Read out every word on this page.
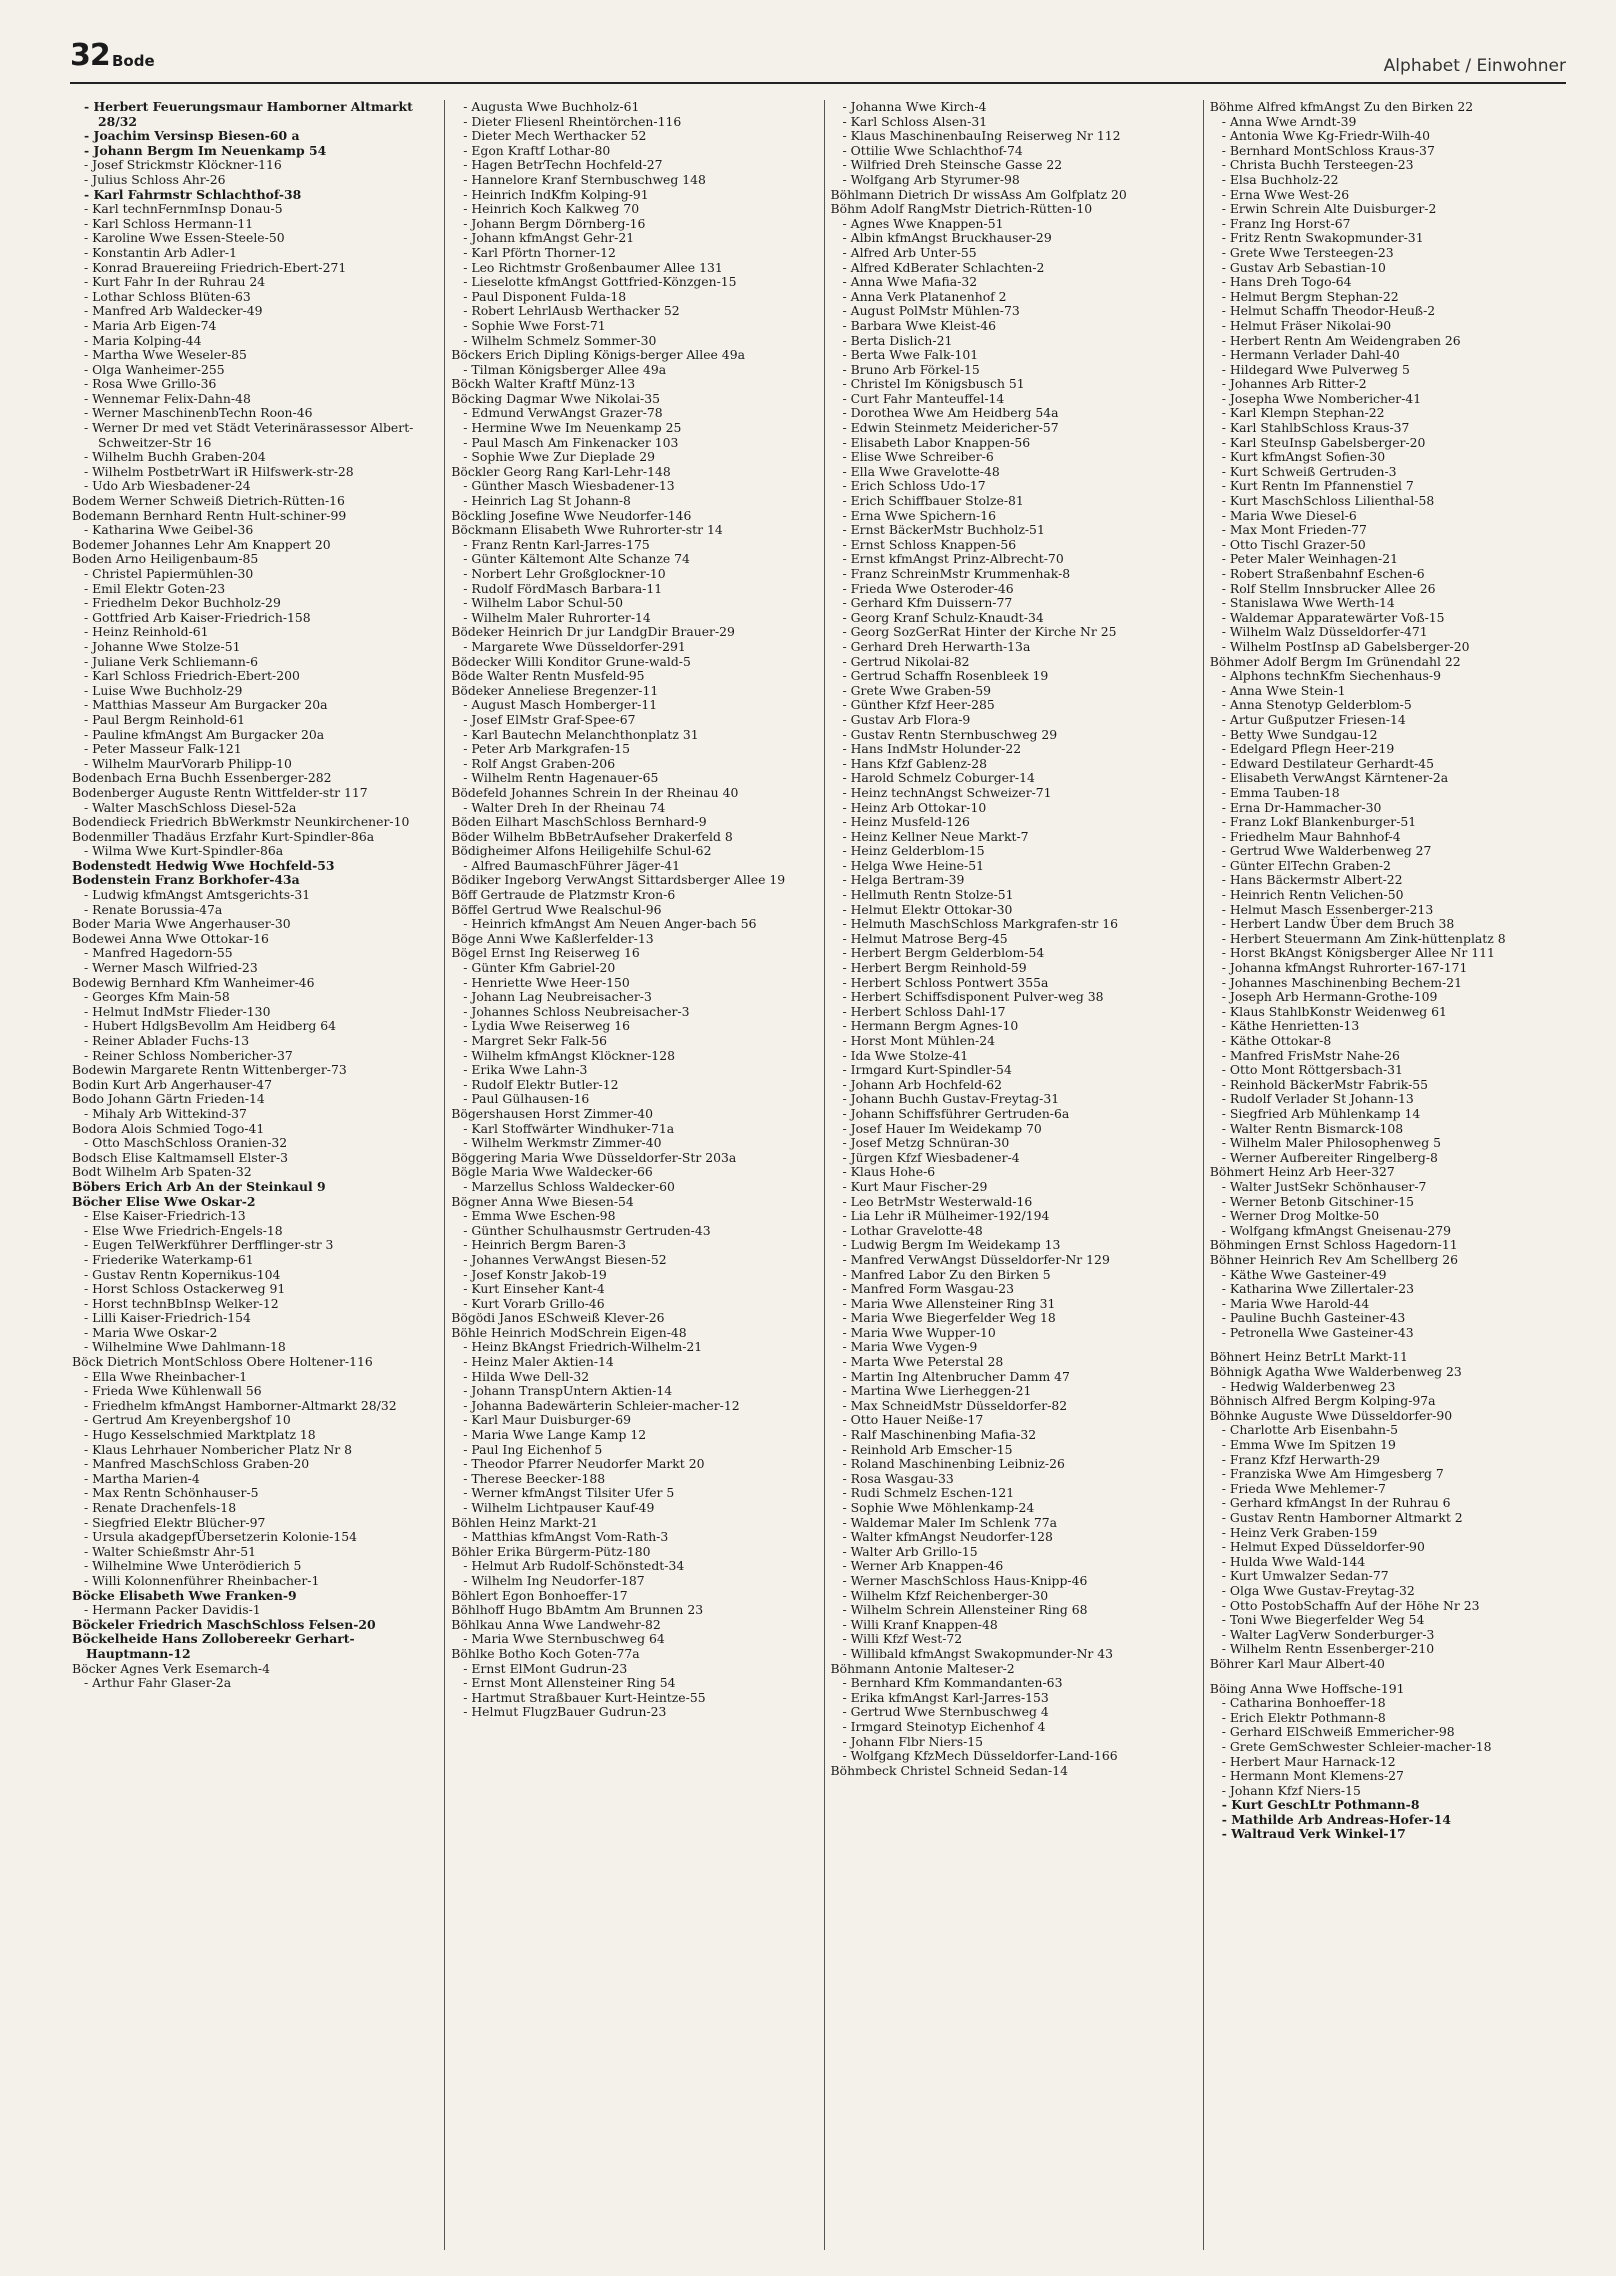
32 Bode	Alphabet / Einwohner
- Herbert Feuerungsmaur Hamborner Altmarkt 28/32
- Joachim Versinsp Biesen-60 a
- Johann Bergm Im Neuenkamp 54
- Josef Strickmstr Klöckner-116
- Julius Schloss Ahr-26
- Karl Fahrmstr Schlachthof-38
- Karl technFernmInsp Donau-5
- Karl Schloss Hermann-11
- Karoline Wwe Essen-Steele-50
- Konstantin Arb Adler-1
- Konrad Brauereiing Friedrich-Ebert-271
- Kurt Fahr In der Ruhrau 24
- Lothar Schloss Blüten-63
- Manfred Arb Waldecker-49
- Maria Arb Eigen-74
- Maria Kolping-44
- Martha Wwe Weseler-85
- Olga Wanheimer-255
- Rosa Wwe Grillo-36
- Wennemar Felix-Dahn-48
- Werner MaschinenbTechn Roon-46
- Werner Dr med vet Städt Veterinärassessor Albert-Schweitzer-Str 16
- Wilhelm Buchh Graben-204
- Wilhelm PostbetrWart iR Hilfswerk-str-28
- Udo Arb Wiesbadener-24
Bodem Werner Schweiß Dietrich-Rütten-16
Bodemann Bernhard Rentn Hult-schiner-99
- Katharina Wwe Geibel-36
Bodemer Johannes Lehr Am Knappert 20
Boden Arno Heiligenbaum-85
- Christel Papiermühlen-30
- Emil Elektr Goten-23
- Friedhelm Dekor Buchholz-29
- Gottfried Arb Kaiser-Friedrich-158
- Heinz Reinhold-61
- Johanne Wwe Stolze-51
- Juliane Verk Schliemann-6
- Karl Schloss Friedrich-Ebert-200
- Luise Wwe Buchholz-29
- Matthias Masseur Am Burgacker 20a
- Paul Bergm Reinhold-61
- Pauline kfmAngst Am Burgacker 20a
- Peter Masseur Falk-121
- Wilhelm MaurVorarb Philipp-10
Bodenbach Erna Buchh Essenberger-282
Bodenberger Auguste Rentn Wittfelder-str 117
- Walter MaschSchloss Diesel-52a
Bodendieck Friedrich BbWerkmstr Neunkirchener-10
Bodenmiller Thadäus Erzfahr Kurt-Spindler-86a
- Wilma Wwe Kurt-Spindler-86a
Bodenstedt Hedwig Wwe Hochfeld-53
Bodenstein Franz Borkhofer-43a
- Ludwig kfmAngst Amtsgerichts-31
- Renate Borussia-47a
Boder Maria Wwe Angerhauser-30
Bodewei Anna Wwe Ottokar-16
- Manfred Hagedorn-55
- Werner Masch Wilfried-23
Bodewig Bernhard Kfm Wanheimer-46
- Georges Kfm Main-58
- Helmut IndMstr Flieder-130
- Hubert HdlgsBevollm Am Heidberg 64
- Reiner Ablader Fuchs-13
- Reiner Schloss Nombericher-37
Bodewin Margarete Rentn Wittenberger-73
Bodin Kurt Arb Angerhauser-47
Bodo Johann Gärtn Frieden-14
- Mihaly Arb Wittekind-37
Bodora Alois Schmied Togo-41
- Otto MaschSchloss Oranien-32
Bodsch Elise Kaltmamsell Elster-3
Bodt Wilhelm Arb Spaten-32
Böbers Erich Arb An der Steinkaul 9
Böcher Elise Wwe Oskar-2
- Else Kaiser-Friedrich-13
- Else Wwe Friedrich-Engels-18
- Eugen TelWerkführer Derfflinger-str 3
- Friederike Waterkamp-61
- Gustav Rentn Kopernikus-104
- Horst Schloss Ostackerweg 91
- Horst technBbInsp Welker-12
- Lilli Kaiser-Friedrich-154
- Maria Wwe Oskar-2
- Wilhelmine Wwe Dahlmann-18
Böck Dietrich MontSchloss Obere Holtener-116
- Ella Wwe Rheinbacher-1
- Frieda Wwe Kühlenwall 56
- Friedhelm kfmAngst Hamborner-Altmarkt 28/32
- Gertrud Am Kreyenbergshof 10
- Hugo Kesselschmied Marktplatz 18
- Klaus Lehrhauer Nombericher Platz Nr 8
- Manfred MaschSchloss Graben-20
- Martha Marien-4
- Max Rentn Schönhauser-5
- Renate Drachenfels-18
- Siegfried Elektr Blücher-97
- Ursula akadgepfÜbersetzerin Kolonie-154
- Walter Schießmstr Ahr-51
- Wilhelmine Wwe Unterödierich 5
- Willi Kolonnenführer Rheinbacher-1
Böcke Elisabeth Wwe Franken-9
- Hermann Packer Davidis-1
Böckeler Friedrich MaschSchloss Felsen-20
Böckelheide Hans Zollobereekr Gerhart-Hauptmann-12
Böcker Agnes Verk Esemarch-4
- Arthur Fahr Glaser-2a
- Augusta Wwe Buchholz-61
- Dieter Fliesenl Rheintörchen-116
- Dieter Mech Werthacker 52
- Egon Kraftf Lothar-80
- Hagen BetrTechn Hochfeld-27
- Hannelore Kranf Sternbuschweg 148
- Heinrich IndKfm Kolping-91
- Heinrich Koch Kalkweg 70
- Johann Bergm Dörnberg-16
- Johann kfmAngst Gehr-21
- Karl Pförtn Thorner-12
- Leo Richtmstr Großenbaumer Allee 131
- Lieselotte kfmAngst Gottfried-Könzgen-15
- Paul Disponent Fulda-18
- Robert LehrlAusb Werthacker 52
- Sophie Wwe Forst-71
- Wilhelm Schmelz Sommer-30
Böckers Erich Dipling Königs-berger Allee 49a
- Tilman Königsberger Allee 49a
Böckh Walter Kraftf Münz-13
Böcking Dagmar Wwe Nikolai-35
- Edmund VerwAngst Grazer-78
- Hermine Wwe Im Neuenkamp 25
- Paul Masch Am Finkenacker 103
- Sophie Wwe Zur Dieplade 29
Böckler Georg Rang Karl-Lehr-148
- Günther Masch Wiesbadener-13
- Heinrich Lag St Johann-8
Böckling Josefine Wwe Neudorfer-146
Böckmann Elisabeth Wwe Ruhrorter-str 14
- Franz Rentn Karl-Jarres-175
- Günter Kältemont Alte Schanze 74
- Norbert Lehr Großglockner-10
- Rudolf FördMasch Barbara-11
- Wilhelm Labor Schul-50
- Wilhelm Maler Ruhrorter-14
Bödeker Heinrich Dr jur LandgDir Brauer-29
- Margarete Wwe Düsseldorfer-291
Bödecker Willi Konditor Grune-wald-5
Böde Walter Rentn Musfeld-95
Bödeker Anneliese Bregenzer-11
- August Masch Homberger-11
- Josef ElMstr Graf-Spee-67
- Karl Bautechn Melanchthonplatz 31
- Peter Arb Markgrafen-15
- Rolf Angst Graben-206
- Wilhelm Rentn Hagenauer-65
Bödefeld Johannes Schrein In der Rheinau 40
- Walter Dreh In der Rheinau 74
Böden Eilhart MaschSchloss Bernhard-9
Böder Wilhelm BbBetrAufseher Drakerfeld 8
Bödigheimer Alfons Heiligehilfe Schul-62
- Alfred BaumaschFührer Jäger-41
Bödiker Ingeborg VerwAngst Sittardsberger Allee 19
Böff Gertraude de Platzmstr Kron-6
Böffel Gertrud Wwe Realschul-96
- Heinrich kfmAngst Am Neuen Anger-bach 56
Böge Anni Wwe Kaßlerfelder-13
Bögel Ernst Ing Reiserweg 16
- Günter Kfm Gabriel-20
- Henriette Wwe Heer-150
- Johann Lag Neubreisacher-3
- Johannes Schloss Neubreisacher-3
- Lydia Wwe Reiserweg 16
- Margret Sekr Falk-56
- Wilhelm kfmAngst Klöckner-128
- Erika Wwe Lahn-3
- Rudolf Elektr Butler-12
- Paul Gülhausen-16
Bögershausen Horst Zimmer-40
- Karl Stoffwärter Windhuker-71a
- Wilhelm Werkmstr Zimmer-40
Böggering Maria Wwe Düsseldorfer-Str 203a
Bögle Maria Wwe Waldecker-66
- Marzellus Schloss Waldecker-60
Bögner Anna Wwe Biesen-54
- Emma Wwe Eschen-98
- Günther Schulhausmstr Gertruden-43
- Heinrich Bergm Baren-3
- Johannes VerwAngst Biesen-52
- Josef Konstr Jakob-19
- Kurt Einseher Kant-4
- Kurt Vorarb Grillo-46
Bögödi Janos ESchweiß Klever-26
Böhle Heinrich ModSchrein Eigen-48
- Heinz BkAngst Friedrich-Wilhelm-21
- Heinz Maler Aktien-14
- Hilda Wwe Dell-32
- Johann TranspUntern Aktien-14
- Johanna Badewärterin Schleier-macher-12
- Karl Maur Duisburger-69
- Maria Wwe Lange Kamp 12
- Paul Ing Eichenhof 5
- Theodor Pfarrer Neudorfer Markt 20
- Therese Beecker-188
- Werner kfmAngst Tilsiter Ufer 5
- Wilhelm Lichtpauser Kauf-49
Böhlen Heinz Markt-21
- Matthias kfmAngst Vom-Rath-3
Böhler Erika Bürgerm-Pütz-180
- Helmut Arb Rudolf-Schönstedt-34
- Wilhelm Ing Neudorfer-187
Böhlert Egon Bonhoeffer-17
Böhlhoff Hugo BbAmtm Am Brunnen 23
Böhlkau Anna Wwe Landwehr-82
- Maria Wwe Sternbuschweg 64
Böhlke Botho Koch Goten-77a
- Ernst ElMont Gudrun-23
- Ernst Mont Allensteiner Ring 54
- Hartmut Straßbauer Kurt-Heintze-55
- Helmut FlugzBauer Gudrun-23
- Johanna Wwe Kirch-4
- Karl Schloss Alsen-31
- Klaus MaschinenbauIng Reiserweg Nr 112
- Ottilie Wwe Schlachthof-74
- Wilfried Dreh Steinsche Gasse 22
- Wolfgang Arb Styrumer-98
Böhlmann Dietrich Dr wissAss Am Golfplatz 20
Böhm Adolf RangMstr Dietrich-Rütten-10
- Agnes Wwe Knappen-51
- Albin kfmAngst Bruckhauser-29
- Alfred Arb Unter-55
- Alfred KdBerater Schlachten-2
- Anna Wwe Mafia-32
- Anna Verk Platanenhof 2
- August PolMstr Mühlen-73
- Barbara Wwe Kleist-46
- Berta Dislich-21
- Berta Wwe Falk-101
- Bruno Arb Förkel-15
- Christel Im Königsbusch 51
- Curt Fahr Manteuffel-14
- Dorothea Wwe Am Heidberg 54a
- Edwin Steinmetz Meidericher-57
- Elisabeth Labor Knappen-56
- Elise Wwe Schreiber-6
- Ella Wwe Gravelotte-48
- Erich Schloss Udo-17
- Erich Schiffbauer Stolze-81
- Erna Wwe Spichern-16
- Ernst BäckerMstr Buchholz-51
- Ernst Schloss Knappen-56
- Ernst kfmAngst Prinz-Albrecht-70
- Franz SchreinMstr Krummenhak-8
- Frieda Wwe Osteroder-46
- Gerhard Kfm Duissern-77
- Georg Kranf Schulz-Knaudt-34
- Georg SozGerRat Hinter der Kirche Nr 25
- Gerhard Dreh Herwarth-13a
- Gertrud Nikolai-82
- Gertrud Schaffn Rosenbleek 19
- Grete Wwe Graben-59
- Günther Kfzf Heer-285
- Gustav Arb Flora-9
- Gustav Rentn Sternbuschweg 29
- Hans IndMstr Holunder-22
- Hans Kfzf Gablenz-28
- Harold Schmelz Coburger-14
- Heinz technAngst Schweizer-71
- Heinz Arb Ottokar-10
- Heinz Musfeld-126
- Heinz Kellner Neue Markt-7
- Heinz Gelderblom-15
- Helga Wwe Heine-51
- Helga Bertram-39
- Hellmuth Rentn Stolze-51
- Helmut Elektr Ottokar-30
- Helmuth MaschSchloss Markgrafen-str 16
- Helmut Matrose Berg-45
- Herbert Bergm Gelderblom-54
- Herbert Bergm Reinhold-59
- Herbert Schloss Pontwert 355a
- Herbert Schiffsdisponent Pulver-weg 38
- Herbert Schloss Dahl-17
- Hermann Bergm Agnes-10
- Horst Mont Mühlen-24
- Ida Wwe Stolze-41
- Irmgard Kurt-Spindler-54
- Johann Arb Hochfeld-62
- Johann Buchh Gustav-Freytag-31
- Johann Schiffsführer Gertruden-6a
- Josef Hauer Im Weidekamp 70
- Josef Metzg Schnüran-30
- Jürgen Kfzf Wiesbadener-4
- Klaus Hohe-6
- Kurt Maur Fischer-29
- Leo BetrMstr Westerwald-16
- Lia Lehr iR Mülheimer-192/194
- Lothar Gravelotte-48
- Ludwig Bergm Im Weidekamp 13
- Manfred VerwAngst Düsseldorfer-Nr 129
- Manfred Labor Zu den Birken 5
- Manfred Form Wasgau-23
- Maria Wwe Allensteiner Ring 31
- Maria Wwe Biegerfelder Weg 18
- Maria Wwe Wupper-10
- Maria Wwe Vygen-9
- Marta Wwe Peterstal 28
- Martin Ing Altenbrucher Damm 47
- Martina Wwe Lierheggen-21
- Max SchneidMstr Düsseldorfer-82
- Otto Hauer Neiße-17
- Ralf Maschinenbing Mafia-32
- Reinhold Arb Emscher-15
- Roland Maschinenbing Leibniz-26
- Rosa Wasgau-33
- Rudi Schmelz Eschen-121
- Sophie Wwe Möhlenkamp-24
- Waldemar Maler Im Schlenk 77a
- Walter kfmAngst Neudorfer-128
- Walter Arb Grillo-15
- Werner Arb Knappen-46
- Werner MaschSchloss Haus-Knipp-46
- Wilhelm Kfzf Reichenberger-30
- Wilhelm Schrein Allensteiner Ring 68
- Willi Kranf Knappen-48
- Willi Kfzf West-72
- Willibald kfmAngst Swakopmunder-Nr 43
Böhmann Antonie Malteser-2
- Bernhard Kfm Kommandanten-63
- Erika kfmAngst Karl-Jarres-153
- Gertrud Wwe Sternbuschweg 4
- Irmgard Steinotyp Eichenhof 4
- Johann Flbr Niers-15
- Wolfgang KfzMech Düsseldorfer-Land-166
Böhmbeck Christel Schneid Sedan-14
Böhme Alfred kfmAngst Zu den Birken 22
- Anna Wwe Arndt-39
- Antonia Wwe Kg-Friedr-Wilh-40
- Bernhard MontSchloss Kraus-37
- Christa Buchh Tersteegen-23
- Elsa Buchholz-22
- Erna Wwe West-26
- Erwin Schrein Alte Duisburger-2
- Franz Ing Horst-67
- Fritz Rentn Swakopmunder-31
- Grete Wwe Tersteegen-23
- Gustav Arb Sebastian-10
- Hans Dreh Togo-64
- Helmut Bergm Stephan-22
- Helmut Schaffn Theodor-Heuß-2
- Helmut Fräser Nikolai-90
- Herbert Rentn Am Weidengraben 26
- Hermann Verlader Dahl-40
- Hildegard Wwe Pulverweg 5
- Johannes Arb Ritter-2
- Josepha Wwe Nombericher-41
- Karl Klempn Stephan-22
- Karl StahlbSchloss Kraus-37
- Karl SteuInsp Gabelsberger-20
- Kurt kfmAngst Sofien-30
- Kurt Schweiß Gertruden-3
- Kurt Rentn Im Pfannenstiel 7
- Kurt MaschSchloss Lilienthal-58
- Maria Wwe Diesel-6
- Max Mont Frieden-77
- Otto Tischl Grazer-50
- Peter Maler Weinhagen-21
- Robert Straßenbahnf Eschen-6
- Rolf Stellm Innsbrucker Allee 26
- Stanislawa Wwe Werth-14
- Waldemar Apparatewärter Voß-15
- Wilhelm Walz Düsseldorfer-471
- Wilhelm PostInsp aD Gabelsberger-20
Böhmer Adolf Bergm Im Grünendahl 22
- Alphons technKfm Siechenhaus-9
- Anna Wwe Stein-1
- Anna Stenotyp Gelderblom-5
- Artur Gußputzer Friesen-14
- Betty Wwe Sundgau-12
- Edelgard Pflegn Heer-219
- Edward Destilateur Gerhardt-45
- Elisabeth VerwAngst Kärntener-2a
- Emma Tauben-18
- Erna Dr-Hammacher-30
- Franz Lokf Blankenburger-51
- Friedhelm Maur Bahnhof-4
- Gertrud Wwe Walderbenweg 27
- Günter ElTechn Graben-2
- Hans Bäckermstr Albert-22
- Heinrich Rentn Velichen-50
- Helmut Masch Essenberger-213
- Herbert Landw Über dem Bruch 38
- Herbert Steuermann Am Zink-hüttenplatz 8
- Horst BkAngst Königsberger Allee Nr 111
- Johanna kfmAngst Ruhrorter-167-171
- Johannes Maschinenbing Bechem-21
- Joseph Arb Hermann-Grothe-109
- Klaus StahlbKonstr Weidenweg 61
- Käthe Henrietten-13
- Käthe Ottokar-8
- Manfred FrisMstr Nahe-26
- Otto Mont Röttgersbach-31
- Reinhold BäckerMstr Fabrik-55
- Rudolf Verlader St Johann-13
- Siegfried Arb Mühlenkamp 14
- Walter Rentn Bismarck-108
- Wilhelm Maler Philosophenweg 5
- Werner Aufbereiter Ringelberg-8
Böhmert Heinz Arb Heer-327
- Walter JustSekr Schönhauser-7
- Werner Betonb Gitschiner-15
- Werner Drog Moltke-50
- Wolfgang kfmAngst Gneisenau-279
Böhmingen Ernst Schloss Hagedorn-11
Böhner Heinrich Rev Am Schellberg 26
- Käthe Wwe Gasteiner-49
- Katharina Wwe Zillertaler-23
- Maria Wwe Harold-44
- Pauline Buchh Gasteiner-43
- Petronella Wwe Gasteiner-43
Böhnert Heinz BetrLt Markt-11
Böhnigk Agatha Wwe Walderbenweg 23
- Hedwig Walderbenweg 23
Böhnisch Alfred Bergm Kolping-97a
Böhnke Auguste Wwe Düsseldorfer-90
- Charlotte Arb Eisenbahn-5
- Emma Wwe Im Spitzen 19
- Franz Kfzf Herwarth-29
- Franziska Wwe Am Himgesberg 7
- Frieda Wwe Mehlemer-7
- Gerhard kfmAngst In der Ruhrau 6
- Gustav Rentn Hamborner Altmarkt 2
- Heinz Verk Graben-159
- Helmut Exped Düsseldorfer-90
- Hulda Wwe Wald-144
- Kurt Umwalzer Sedan-77
- Olga Wwe Gustav-Freytag-32
- Otto PostobSchaffn Auf der Höhe Nr 23
- Toni Wwe Biegerfelder Weg 54
- Walter LagVerw Sonderburger-3
- Wilhelm Rentn Essenberger-210
Böhrer Karl Maur Albert-40
Böing Anna Wwe Hoffsche-191
- Catharina Bonhoeffer-18
- Erich Elektr Pothmann-8
- Gerhard ElSchweiß Emmericher-98
- Grete GemSchwester Schleier-macher-18
- Herbert Maur Harnack-12
- Hermann Mont Klemens-27
- Johann Kfzf Niers-15
- Kurt GeschLtr Pothmann-8
- Mathilde Arb Andreas-Hofer-14
- Waltraud Verk Winkel-17
